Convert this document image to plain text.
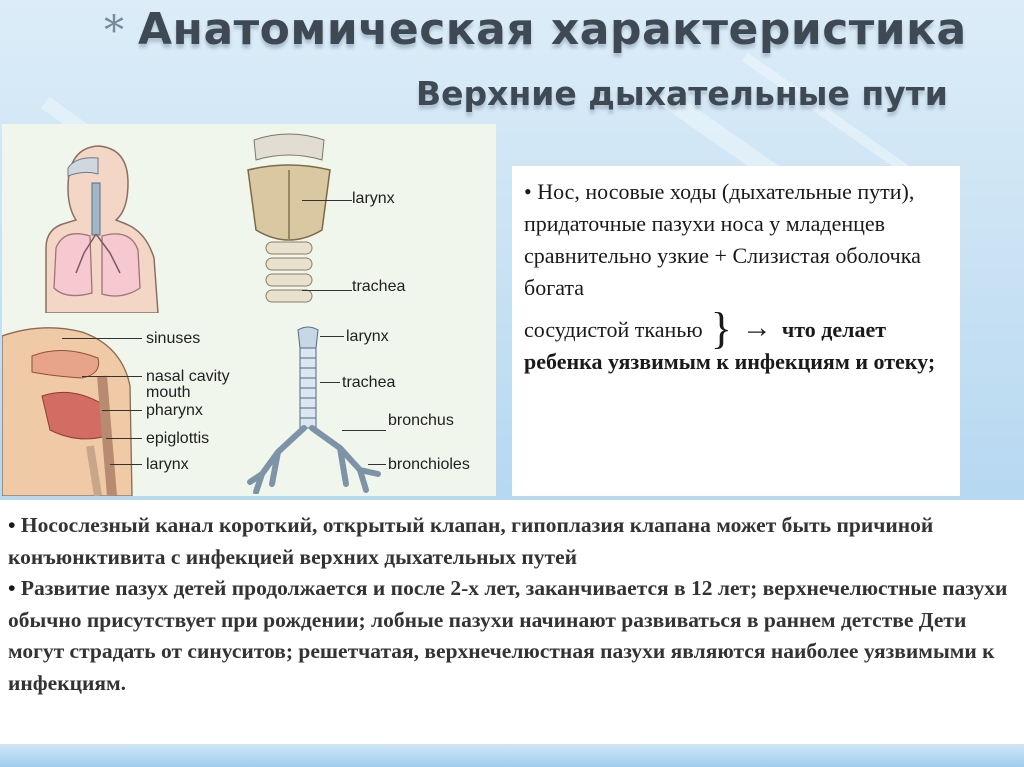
* Анатомическая характеристика
Верхние дыхательные пути
larynx
trachea
sinuses
nasal cavity
mouth
pharynx
epiglottis
larynx
larynx
trachea
bronchus
bronchioles

• Нос, носовые ходы (дыхательные пути), придаточные пазухи носа у младенцев сравнительно узкие + Слизистая оболочка богата

сосудистой тканью } → что делает ребенка уязвимым к инфекциям и отеку;

• Носослезный канал короткий, открытый клапан, гипоплазия клапана может быть причиной конъюнктивита с инфекцией верхних дыхательных путей

• Развитие пазух детей продолжается и после 2-х лет, заканчивается в 12 лет; верхнечелюстные пазухи обычно присутствует при рождении; лобные пазухи начинают развиваться в раннем детстве Дети могут страдать от синуситов; решетчатая, верхнечелюстная пазухи являются наиболее уязвимыми к инфекциям.
